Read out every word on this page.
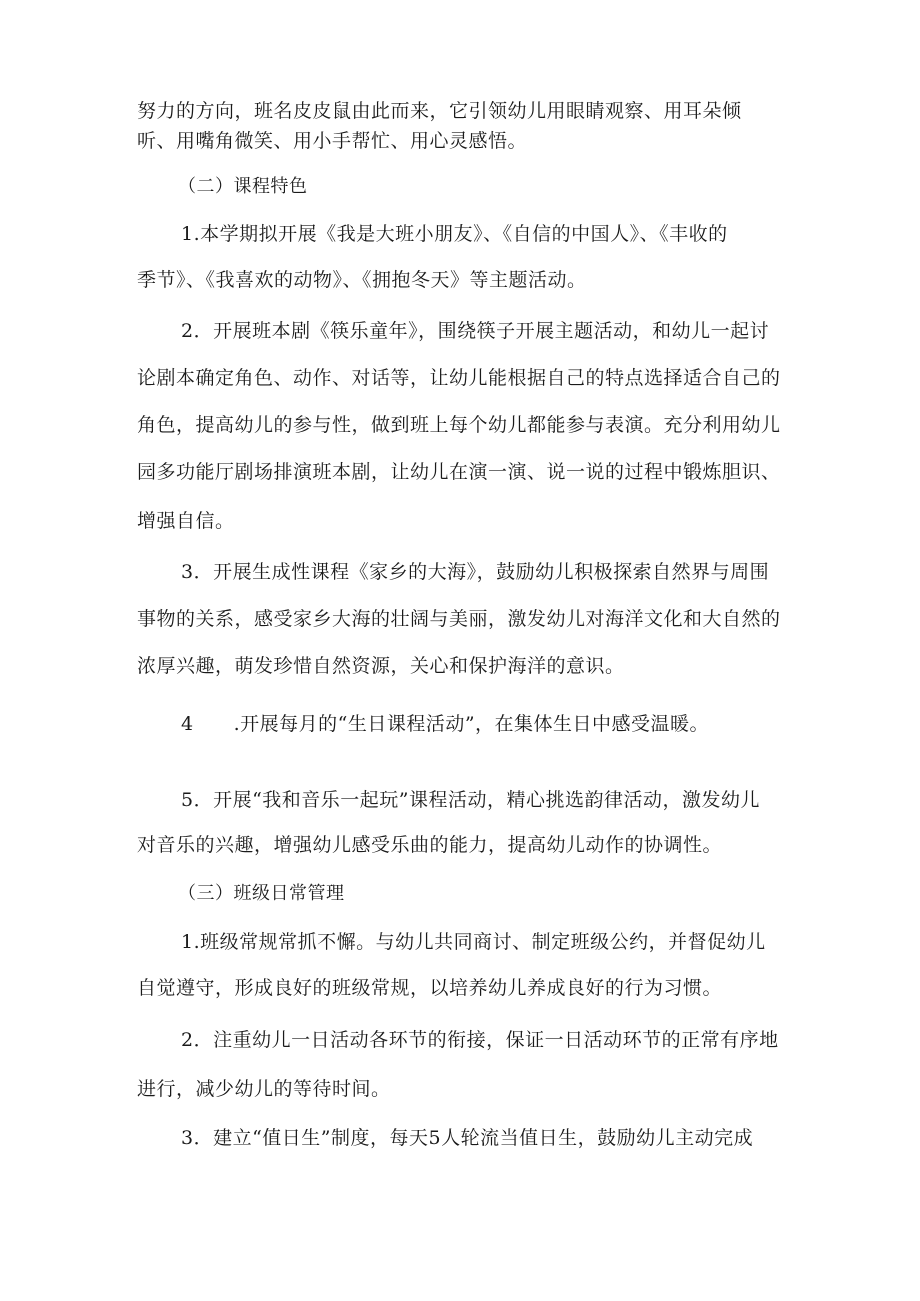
努力的方向，班名皮皮鼠由此而来，它引领幼儿用眼睛观察、用耳朵倾
听、用嘴角微笑、用小手帮忙、用心灵感悟。
（二）课程特色
1.本学期拟开展《我是大班小朋友》、《自信的中国人》、《丰收的
季节》、《我喜欢的动物》、《拥抱冬天》等主题活动。
2．开展班本剧《筷乐童年》，围绕筷子开展主题活动，和幼儿一起讨
论剧本确定角色、动作、对话等，让幼儿能根据自己的特点选择适合自己的
角色，提高幼儿的参与性，做到班上每个幼儿都能参与表演。充分利用幼儿
园多功能厅剧场排演班本剧，让幼儿在演一演、说一说的过程中锻炼胆识、
增强自信。
3．开展生成性课程《家乡的大海》，鼓励幼儿积极探索自然界与周围
事物的关系，感受家乡大海的壮阔与美丽，激发幼儿对海洋文化和大自然的
浓厚兴趣，萌发珍惜自然资源，关心和保护海洋的意识。
4 .开展每月的“生日课程活动”，在集体生日中感受温暖。
5．开展“我和音乐一起玩”课程活动，精心挑选韵律活动，激发幼儿
对音乐的兴趣，增强幼儿感受乐曲的能力，提高幼儿动作的协调性。
（三）班级日常管理
1.班级常规常抓不懈。与幼儿共同商讨、制定班级公约，并督促幼儿
自觉遵守，形成良好的班级常规，以培养幼儿养成良好的行为习惯。
2．注重幼儿一日活动各环节的衔接，保证一日活动环节的正常有序地
进行，减少幼儿的等待时间。
3．建立“值日生”制度，每天5人轮流当值日生，鼓励幼儿主动完成
